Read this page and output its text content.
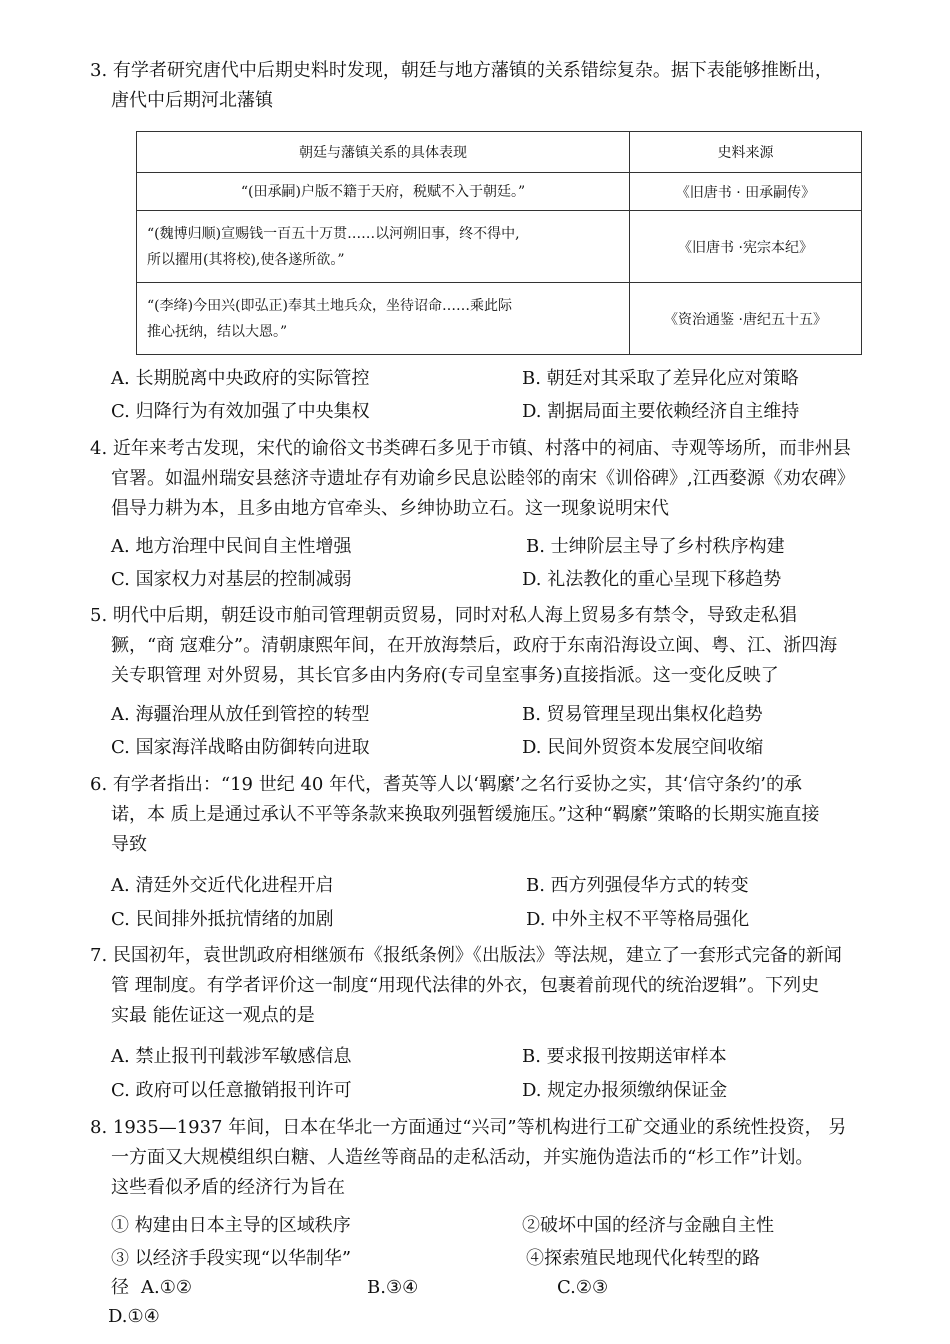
3. 有学者研究唐代中后期史料时发现，朝廷与地方藩镇的关系错综复杂。据下表能够推断出，
唐代中后期河北藩镇
朝廷与藩镇关系的具体表现	史料来源
“(田承嗣)户版不籍于天府，税赋不入于朝廷。”	《旧唐书 · 田承嗣传》

“(魏博归顺)宣赐钱一百五十万贯……以河朔旧事，终不得中,
所以擢用(其将校),使各遂所欲。”	《旧唐书 ·宪宗本纪》

“(李绛)今田兴(即弘正)奉其土地兵众，坐待诏命……乘此际
推心抚纳，结以大恩。”	《资治通鉴 ·唐纪五十五》
A. 长期脱离中央政府的实际管控	B. 朝廷对其采取了差异化应对策略
C. 归降行为有效加强了中央集权	D. 割据局面主要依赖经济自主维持
4. 近年来考古发现，宋代的谕俗文书类碑石多见于市镇、村落中的祠庙、寺观等场所，而非州县
官署。如温州瑞安县慈济寺遗址存有劝谕乡民息讼睦邻的南宋《训俗碑》,江西婺源《劝农碑》
倡导力耕为本，且多由地方官牵头、乡绅协助立石。这一现象说明宋代
A. 地方治理中民间自主性增强	B. 士绅阶层主导了乡村秩序构建
C. 国家权力对基层的控制减弱	D. 礼法教化的重心呈现下移趋势
5. 明代中后期，朝廷设市舶司管理朝贡贸易，同时对私人海上贸易多有禁令，导致走私猖
獗，“商 寇难分”。清朝康熙年间，在开放海禁后，政府于东南沿海设立闽、粤、江、浙四海
关专职管理 对外贸易，其长官多由内务府(专司皇室事务)直接指派。这一变化反映了
A. 海疆治理从放任到管控的转型	B. 贸易管理呈现出集权化趋势
C. 国家海洋战略由防御转向进取	D. 民间外贸资本发展空间收缩
6. 有学者指出：“19 世纪 40 年代，耆英等人以‘羁縻’之名行妥协之实，其‘信守条约’的承
诺，本 质上是通过承认不平等条款来换取列强暂缓施压。”这种“羁縻”策略的长期实施直接
导致
A. 清廷外交近代化进程开启	B. 西方列强侵华方式的转变
C. 民间排外抵抗情绪的加剧	D. 中外主权不平等格局强化
7. 民国初年，袁世凯政府相继颁布《报纸条例》《出版法》等法规，建立了一套形式完备的新闻
管 理制度。有学者评价这一制度“用现代法律的外衣，包裹着前现代的统治逻辑”。下列史
实最 能佐证这一观点的是
A. 禁止报刊刊载涉军敏感信息	B. 要求报刊按期送审样本
C. 政府可以任意撤销报刊许可	D. 规定办报须缴纳保证金
8. 1935—1937 年间，日本在华北一方面通过“兴司”等机构进行工矿交通业的系统性投资， 另
一方面又大规模组织白糖、人造丝等商品的走私活动，并实施伪造法币的“杉工作”计划。
这些看似矛盾的经济行为旨在
① 构建由日本主导的区域秩序	②破坏中国的经济与金融自主性
③ 以经济手段实现“以华制华”	④探索殖民地现代化转型的路
径 A.①②	B.③④	C.②③
D.①④
